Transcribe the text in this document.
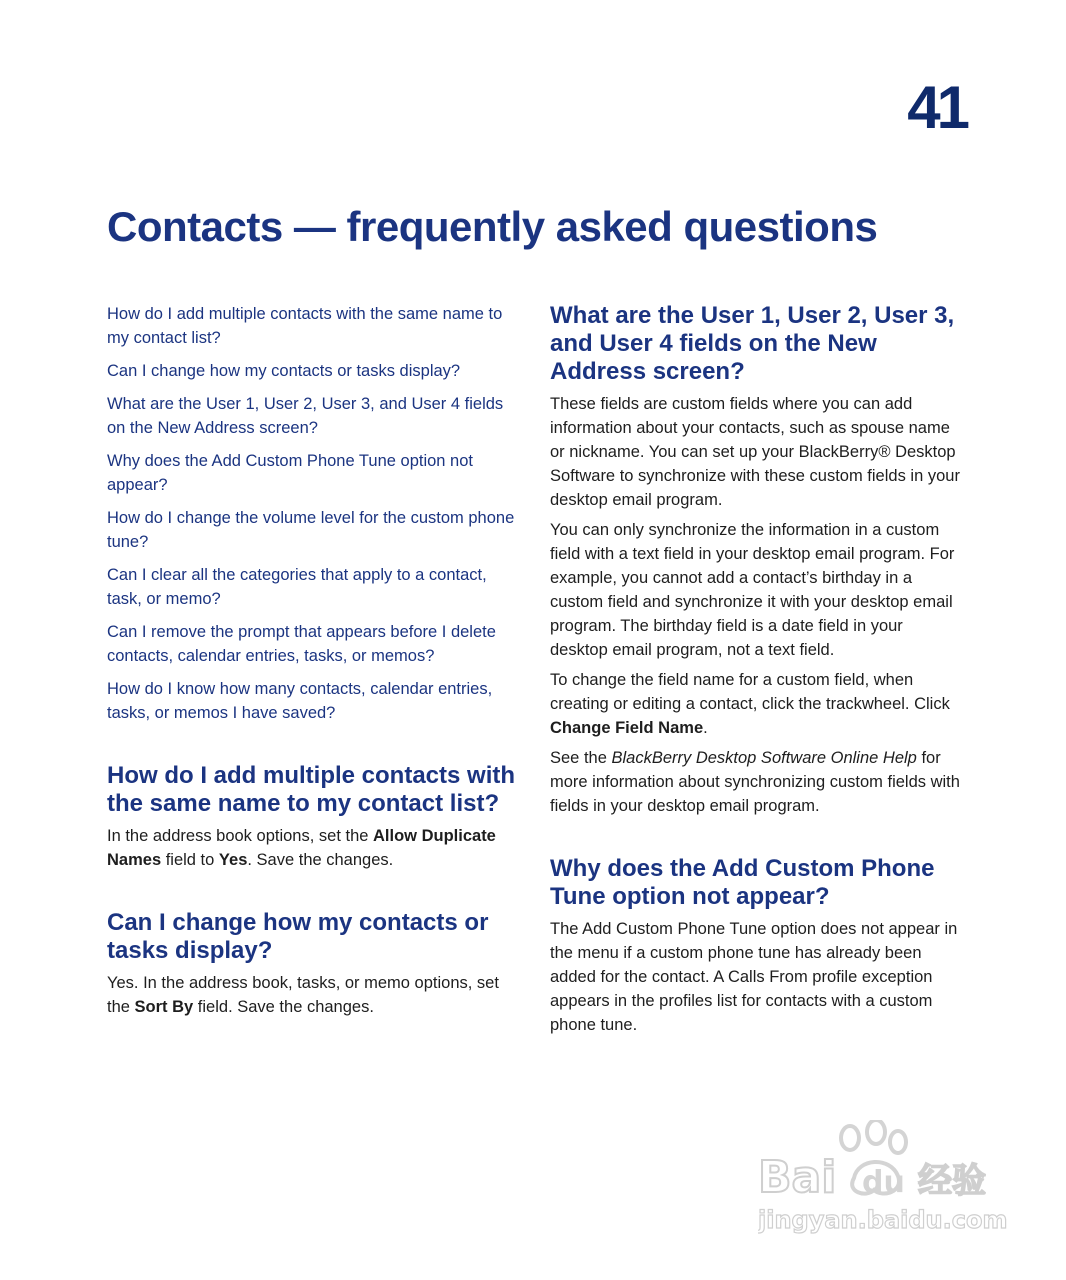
41
Contacts — frequently asked questions
How do I add multiple contacts with the same name to my contact list?
Can I change how my contacts or tasks display?
What are the User 1, User 2, User 3, and User 4 fields on the New Address screen?
Why does the Add Custom Phone Tune option not appear?
How do I change the volume level for the custom phone tune?
Can I clear all the categories that apply to a contact, task, or memo?
Can I remove the prompt that appears before I delete contacts, calendar entries, tasks, or memos?
How do I know how many contacts, calendar entries, tasks, or memos I have saved?
How do I add multiple contacts with the same name to my contact list?

In the address book options, set the Allow Duplicate Names field to Yes. Save the changes.

Can I change how my contacts or tasks display?

Yes. In the address book, tasks, or memo options, set the Sort By field. Save the changes.

What are the User 1, User 2, User 3, and User 4 fields on the New Address screen?

These fields are custom fields where you can add information about your contacts, such as spouse name or nickname. You can set up your BlackBerry® Desktop Software to synchronize with these custom fields in your desktop email program.

You can only synchronize the information in a custom field with a text field in your desktop email program. For example, you cannot add a contact’s birthday in a custom field and synchronize it with your desktop email program. The birthday field is a date field in your desktop email program, not a text field.

To change the field name for a custom field, when creating or editing a contact, click the trackwheel. Click Change Field Name.

See the BlackBerry Desktop Software Online Help for more information about synchronizing custom fields with fields in your desktop email program.

Why does the Add Custom Phone Tune option not appear?

The Add Custom Phone Tune option does not appear in the menu if a custom phone tune has already been added for the contact. A Calls From profile exception appears in the profiles list for contacts with a custom phone tune.

Bai du 经验
jingyan.baidu.com
